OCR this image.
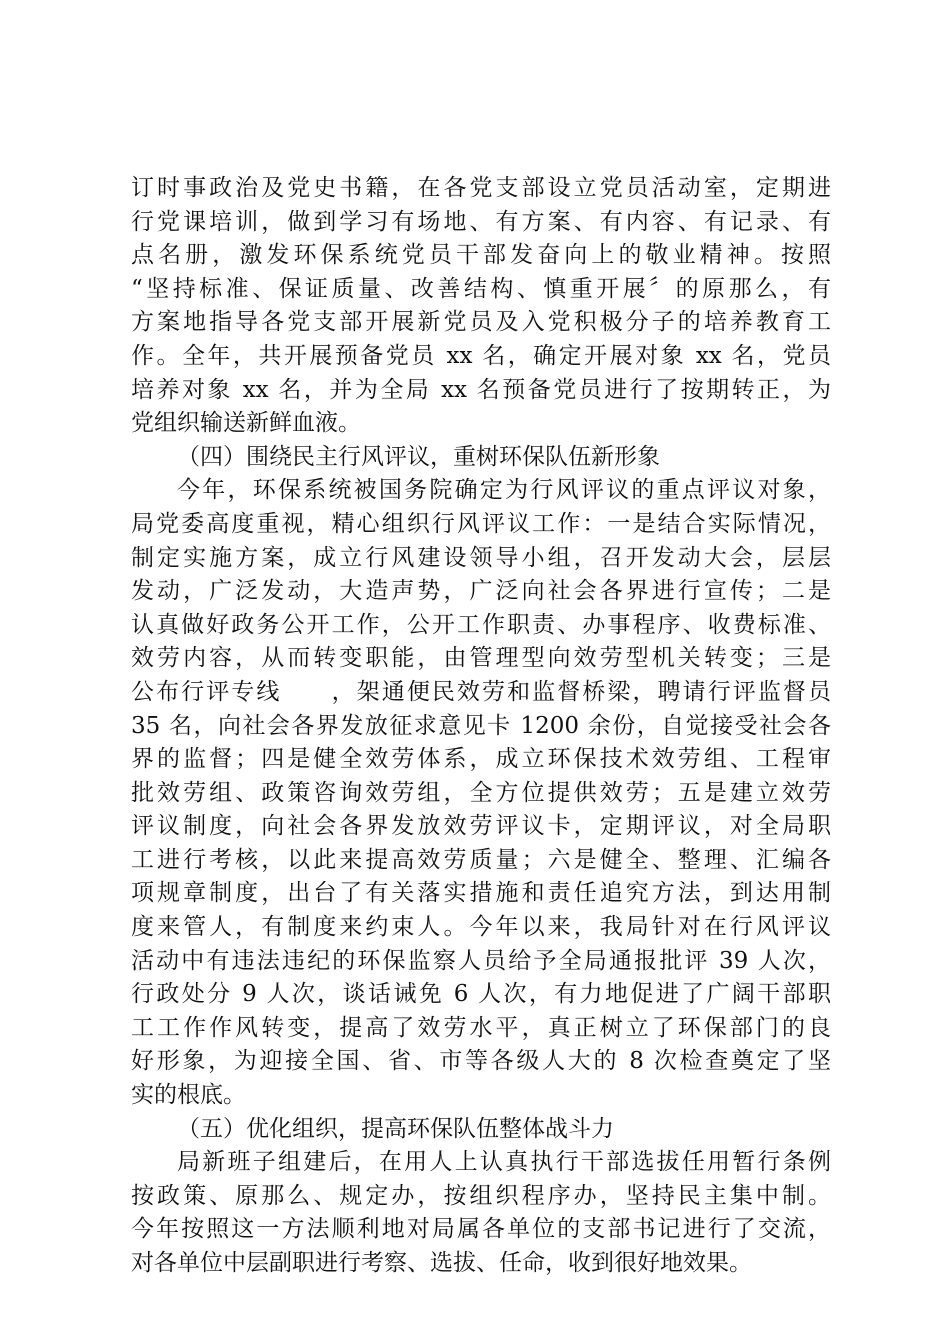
订时事政治及党史书籍，在各党支部设立党员活动室，定期进
行党课培训，做到学习有场地、有方案、有内容、有记录、有
点名册，激发环保系统党员干部发奋向上的敬业精神。按照
“坚持标准、保证质量、改善结构、慎重开展〞的原那么，有
方案地指导各党支部开展新党员及入党积极分子的培养教育工
作。全年，共开展预备党员 xx 名，确定开展对象 xx 名，党员
培养对象 xx 名，并为全局 xx 名预备党员进行了按期转正，为
党组织输送新鲜血液。
（四）围绕民主行风评议，重树环保队伍新形象
今年，环保系统被国务院确定为行风评议的重点评议对象，
局党委高度重视，精心组织行风评议工作：一是结合实际情况，
制定实施方案，成立行风建设领导小组，召开发动大会，层层
发动，广泛发动，大造声势，广泛向社会各界进行宣传；二是
认真做好政务公开工作，公开工作职责、办事程序、收费标准、
效劳内容，从而转变职能，由管理型向效劳型机关转变；三是
公布行评专线　　，架通便民效劳和监督桥梁，聘请行评监督员
35 名，向社会各界发放征求意见卡 1200 余份，自觉接受社会各
界的监督；四是健全效劳体系，成立环保技术效劳组、工程审
批效劳组、政策咨询效劳组，全方位提供效劳；五是建立效劳
评议制度，向社会各界发放效劳评议卡，定期评议，对全局职
工进行考核，以此来提高效劳质量；六是健全、整理、汇编各
项规章制度，出台了有关落实措施和责任追究方法，到达用制
度来管人，有制度来约束人。今年以来，我局针对在行风评议
活动中有违法违纪的环保监察人员给予全局通报批评 39 人次，
行政处分 9 人次，谈话诫免 6 人次，有力地促进了广阔干部职
工工作作风转变，提高了效劳水平，真正树立了环保部门的良
好形象，为迎接全国、省、市等各级人大的 8 次检查奠定了坚
实的根底。
（五）优化组织，提高环保队伍整体战斗力
局新班子组建后，在用人上认真执行干部选拔任用暂行条例
按政策、原那么、规定办，按组织程序办，坚持民主集中制。
今年按照这一方法顺利地对局属各单位的支部书记进行了交流，
对各单位中层副职进行考察、选拔、任命，收到很好地效果。
